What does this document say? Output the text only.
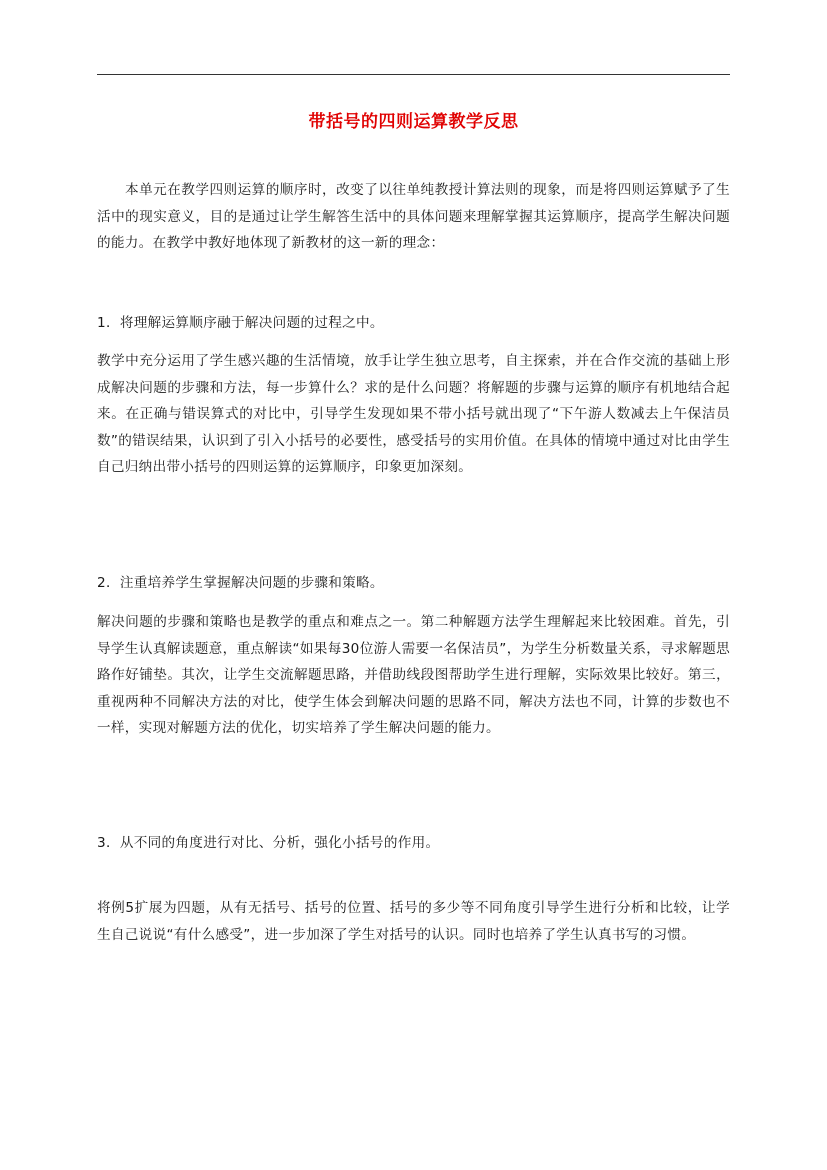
带括号的四则运算教学反思

本单元在教学四则运算的顺序时，改变了以往单纯教授计算法则的现象，而是将四则运算赋予了生活中的现实意义，目的是通过让学生解答生活中的具体问题来理解掌握其运算顺序，提高学生解决问题的能力。在教学中教好地体现了新教材的这一新的理念：

1．将理解运算顺序融于解决问题的过程之中。

教学中充分运用了学生感兴趣的生活情境，放手让学生独立思考，自主探索，并在合作交流的基础上形成解决问题的步骤和方法，每一步算什么？求的是什么问题？将解题的步骤与运算的顺序有机地结合起来。在正确与错误算式的对比中，引导学生发现如果不带小括号就出现了“下午游人数减去上午保洁员数”的错误结果，认识到了引入小括号的必要性，感受括号的实用价值。在具体的情境中通过对比由学生自己归纳出带小括号的四则运算的运算顺序，印象更加深刻。

2．注重培养学生掌握解决问题的步骤和策略。

解决问题的步骤和策略也是教学的重点和难点之一。第二种解题方法学生理解起来比较困难。首先，引导学生认真解读题意，重点解读“如果每30位游人需要一名保洁员”，为学生分析数量关系，寻求解题思路作好铺垫。其次，让学生交流解题思路，并借助线段图帮助学生进行理解，实际效果比较好。第三，重视两种不同解决方法的对比，使学生体会到解决问题的思路不同，解决方法也不同，计算的步数也不一样，实现对解题方法的优化，切实培养了学生解决问题的能力。

3．从不同的角度进行对比、分析，强化小括号的作用。

将例5扩展为四题，从有无括号、括号的位置、括号的多少等不同角度引导学生进行分析和比较，让学生自己说说“有什么感受”，进一步加深了学生对括号的认识。同时也培养了学生认真书写的习惯。
